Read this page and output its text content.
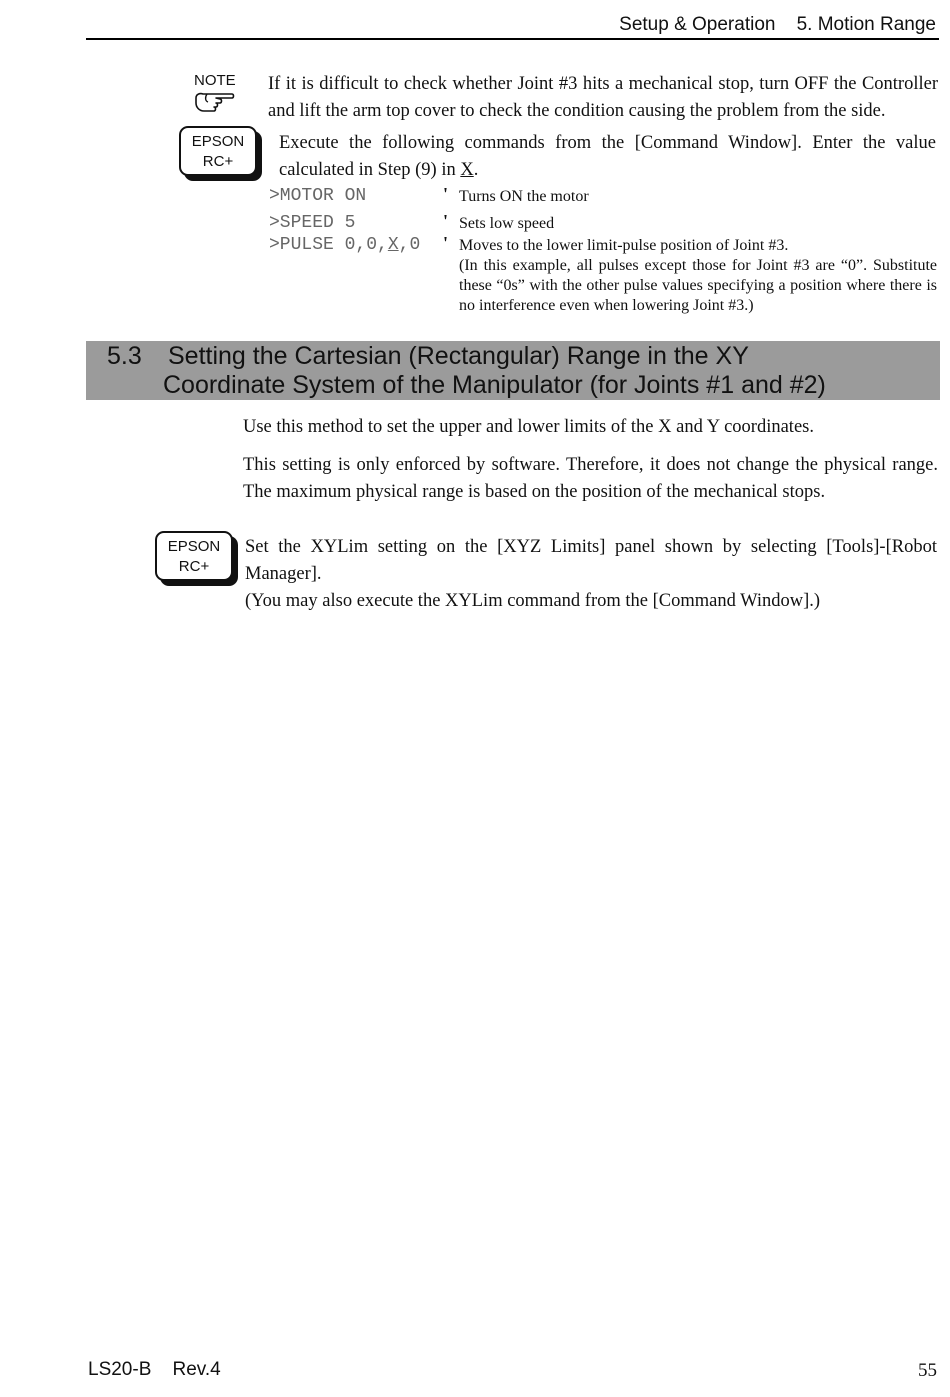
Setup & Operation    5. Motion Range
NOTE If it is difficult to check whether Joint #3 hits a mechanical stop, turn OFF the Controller and lift the arm top cover to check the condition causing the problem from the side.
EPSON
RC+
Execute the following commands from the [Command Window]. Enter the value calculated in Step (9) in X.
>MOTOR ON	' Turns ON the motor
>SPEED 5	' Sets low speed
>PULSE 0,0,X,0 ' Moves to the lower limit-pulse position of Joint #3.
(In this example, all pulses except those for Joint #3 are “0”. Substitute these “0s” with the other pulse values specifying a position where there is no interference even when lowering Joint #3.)
5.3 Setting the Cartesian (Rectangular) Range in the XY
Coordinate System of the Manipulator (for Joints #1 and #2)
Use this method to set the upper and lower limits of the X and Y coordinates.
This setting is only enforced by software. Therefore, it does not change the physical range. The maximum physical range is based on the position of the mechanical stops.
EPSON
RC+
Set the XYLim setting on the [XYZ Limits] panel shown by selecting [Tools]-[Robot Manager].
(You may also execute the XYLim command from the [Command Window].)
LS20-B    Rev.4	55
